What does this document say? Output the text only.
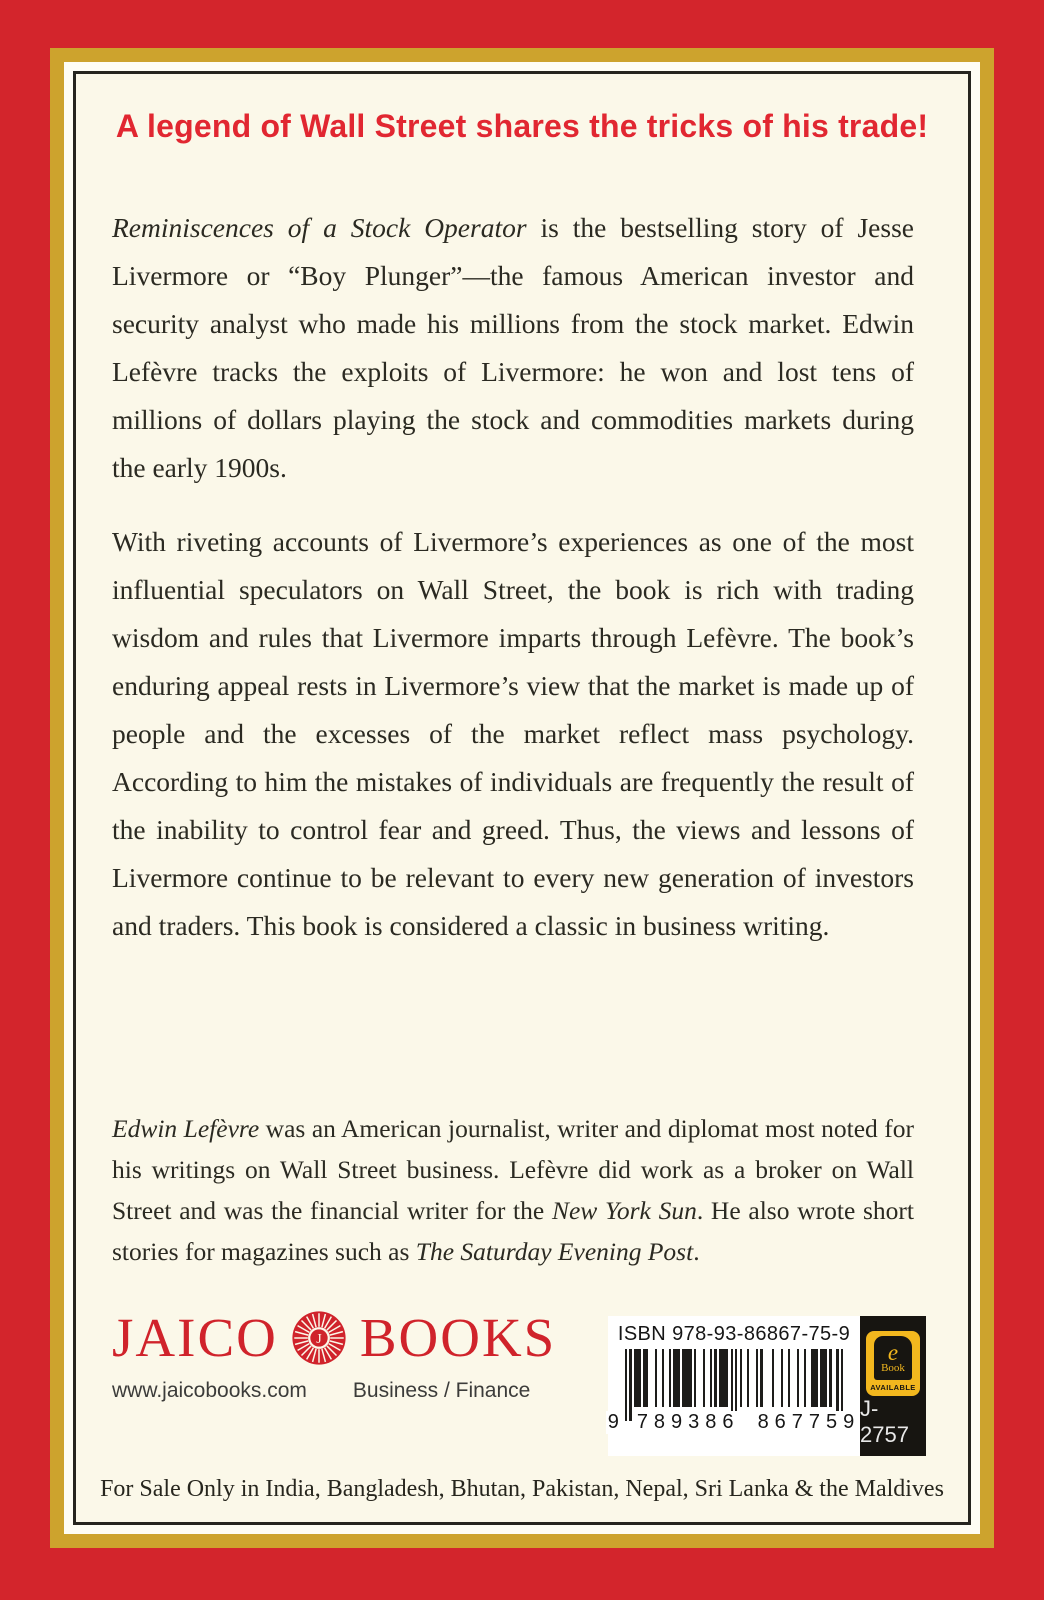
A legend of Wall Street shares the tricks of his trade!

Reminiscences of a Stock Operator is the bestselling story of Jesse Livermore or “Boy Plunger”—the famous American investor and security analyst who made his millions from the stock market. Edwin Lefèvre tracks the exploits of Livermore: he won and lost tens of millions of dollars playing the stock and commodities markets during the early 1900s.

With riveting accounts of Livermore’s experiences as one of the most influential speculators on Wall Street, the book is rich with trading wisdom and rules that Livermore imparts through Lefèvre. The book’s enduring appeal rests in Livermore’s view that the market is made up of people and the excesses of the market reflect mass psychology. According to him the mistakes of individuals are frequently the result of the inability to control fear and greed. Thus, the views and lessons of Livermore continue to be relevant to every new generation of investors and traders. This book is considered a classic in business writing.

Edwin Lefèvre was an American journalist, writer and diplomat most noted for his writings on Wall Street business. Lefèvre did work as a broker on Wall Street and was the financial writer for the New York Sun. He also wrote short stories for magazines such as The Saturday Evening Post.

JAICO	J BOOKS
www.jaicobooks.com Business / Finance
ISBN 978-93-86867-75-9
9 789386 867759
e
Book
AVAILABLE
J-2757
For Sale Only in India, Bangladesh, Bhutan, Pakistan, Nepal, Sri Lanka & the Maldives
